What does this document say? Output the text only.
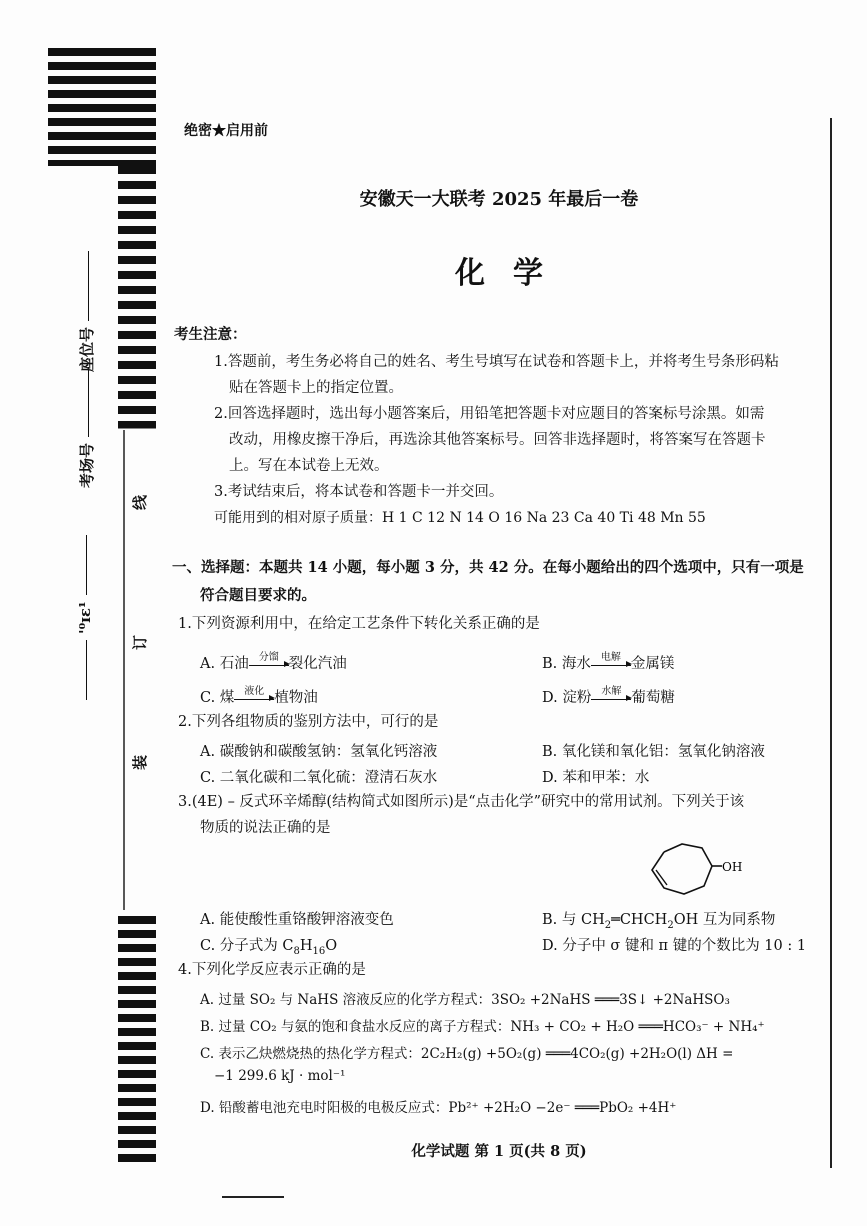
座位号
考场号
'⁰ɪɛ¹
线
订
装
绝密★启用前
安徽天一大联考 2025 年最后一卷
化学
考生注意：
1.答题前，考生务必将自己的姓名、考生号填写在试卷和答题卡上，并将考生号条形码粘
贴在答题卡上的指定位置。
2.回答选择题时，选出每小题答案后，用铅笔把答题卡对应题目的答案标号涂黑。如需
改动，用橡皮擦干净后，再选涂其他答案标号。回答非选择题时，将答案写在答题卡
上。写在本试卷上无效。
3.考试结束后，将本试卷和答题卡一并交回。
可能用到的相对原子质量：H 1 C 12 N 14 O 16 Na 23 Ca 40 Ti 48 Mn 55
一、选择题：本题共 14 小题，每小题 3 分，共 42 分。在每小题给出的四个选项中，只有一项是
符合题目要求的。
1.下列资源利用中，在给定工艺条件下转化关系正确的是
A. 石油	分馏 裂化汽油	B. 海水	电解 金属镁
C. 煤	液化 植物油	D. 淀粉	水解 葡萄糖
2.下列各组物质的鉴别方法中，可行的是
A. 碳酸钠和碳酸氢钠：氢氧化钙溶液	B. 氧化镁和氧化铝：氢氧化钠溶液
C. 二氧化碳和二氧化硫：澄清石灰水	D. 苯和甲苯：水
3.(4E) – 反式环辛烯醇(结构简式如图所示)是“点击化学”研究中的常用试剂。下列关于该
物质的说法正确的是
OH
A. 能使酸性重铬酸钾溶液变色	B. 与 $CH_2═CHCH_2OH$ 互为同系物
C. 分子式为 $C_8H_{16}O$	D. 分子中 σ 键和 π 键的个数比为 10 : 1
4.下列化学反应表示正确的是
A. 过量 SO₂ 与 NaHS 溶液反应的化学方程式：3SO₂ +2NaHS ═══3S↓ +2NaHSO₃
B. 过量 CO₂ 与氨的饱和食盐水反应的离子方程式：NH₃ + CO₂ + H₂O ═══HCO₃⁻ + NH₄⁺
C. 表示乙炔燃烧热的热化学方程式：2C₂H₂(g) +5O₂(g) ═══4CO₂(g) +2H₂O(l) ΔH =
−1 299.6 kJ · mol⁻¹
D. 铅酸蓄电池充电时阳极的电极反应式：Pb²⁺ +2H₂O −2e⁻ ═══PbO₂ +4H⁺
化学试题 第 1 页(共 8 页)
